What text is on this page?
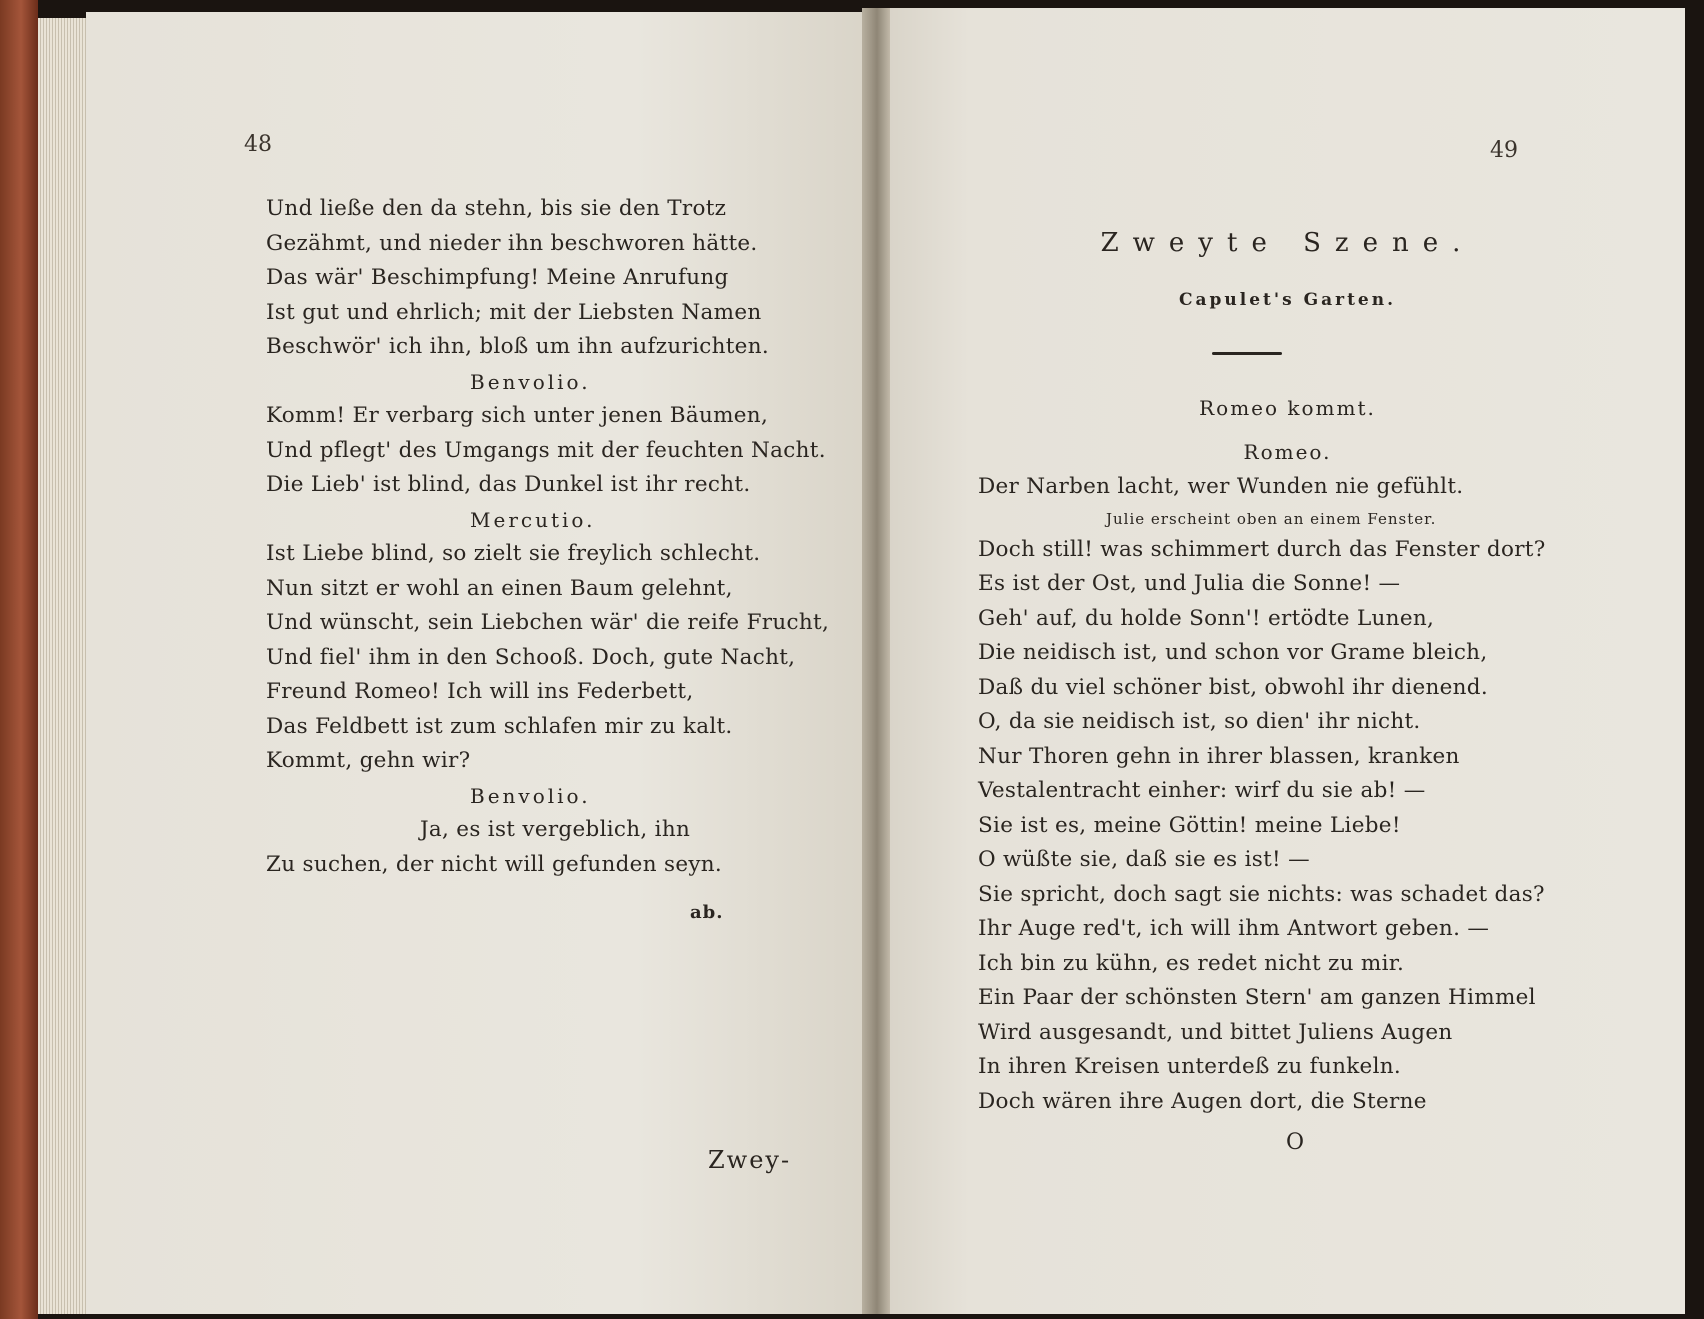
48
Und ließe den da stehn, bis sie den Trotz
Gezähmt, und nieder ihn beschworen hätte.
Das wär' Beschimpfung! Meine Anrufung
Ist gut und ehrlich; mit der Liebsten Namen
Beschwör' ich ihn, bloß um ihn aufzurichten.
Benvolio.
Komm! Er verbarg sich unter jenen Bäumen,
Und pflegt' des Umgangs mit der feuchten Nacht.
Die Lieb' ist blind, das Dunkel ist ihr recht.
Mercutio.
Ist Liebe blind, so zielt sie freylich schlecht.
Nun sitzt er wohl an einen Baum gelehnt,
Und wünscht, sein Liebchen wär' die reife Frucht,
Und fiel' ihm in den Schooß. Doch, gute Nacht,
Freund Romeo! Ich will ins Federbett,
Das Feldbett ist zum schlafen mir zu kalt.
Kommt, gehn wir?
Benvolio.
Ja, es ist vergeblich, ihn
Zu suchen, der nicht will gefunden seyn.
ab.
Zwey-
49
Zweyte Szene.
Capulet's Garten.
Romeo kommt.
Romeo.
Der Narben lacht, wer Wunden nie gefühlt.
Julie erscheint oben an einem Fenster.
Doch still! was schimmert durch das Fenster dort?
Es ist der Ost, und Julia die Sonne! —
Geh' auf, du holde Sonn'! ertödte Lunen,
Die neidisch ist, und schon vor Grame bleich,
Daß du viel schöner bist, obwohl ihr dienend.
O, da sie neidisch ist, so dien' ihr nicht.
Nur Thoren gehn in ihrer blassen, kranken
Vestalentracht einher: wirf du sie ab! —
Sie ist es, meine Göttin! meine Liebe!
O wüßte sie, daß sie es ist! —
Sie spricht, doch sagt sie nichts: was schadet das?
Ihr Auge red't, ich will ihm Antwort geben. —
Ich bin zu kühn, es redet nicht zu mir.
Ein Paar der schönsten Stern' am ganzen Himmel
Wird ausgesandt, und bittet Juliens Augen
In ihren Kreisen unterdeß zu funkeln.
Doch wären ihre Augen dort, die Sterne
O
